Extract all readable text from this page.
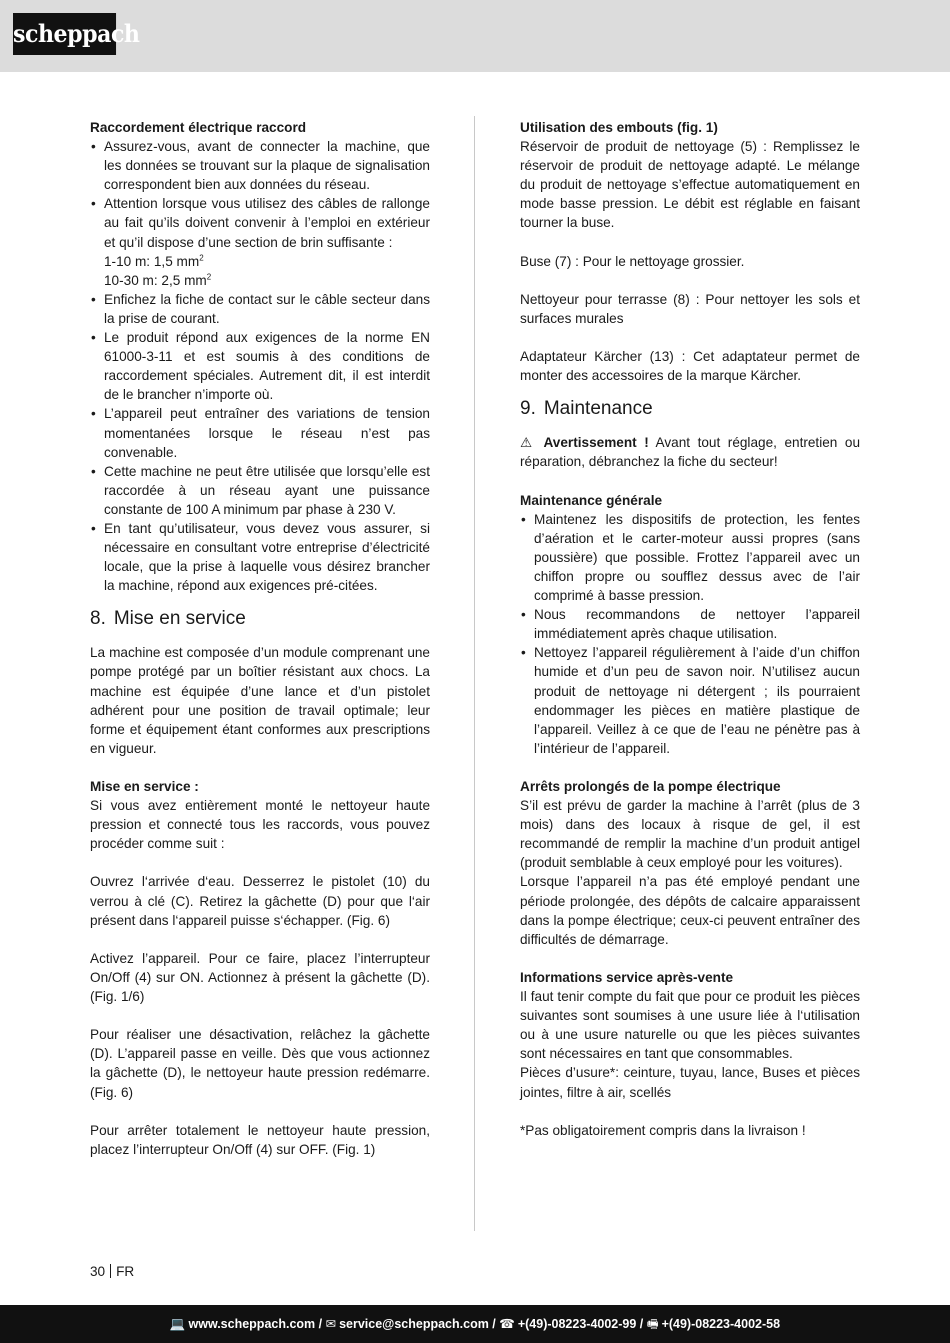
scheppach

Raccordement électrique raccord

• Assurez-vous, avant de connecter la machine, que les données se trouvant sur la plaque de signalisation correspondent bien aux données du réseau.
• Attention lorsque vous utilisez des câbles de rallonge au fait qu’ils doivent convenir à l’emploi en extérieur et qu’il dispose d’une section de brin suffisante :
1-10 m: 1,5 $mm^2$
10-30 m: 2,5 $mm^2$
• Enfichez la fiche de contact sur le câble secteur dans la prise de courant.
• Le produit répond aux exigences de la norme EN 61000-3-11 et est soumis à des conditions de raccordement spéciales. Autrement dit, il est interdit de le brancher n’importe où.
• L’appareil peut entraîner des variations de tension momentanées lorsque le réseau n’est pas convenable.
• Cette machine ne peut être utilisée que lorsqu’elle est raccordée à un réseau ayant une puissance constante de 100 A minimum par phase à 230 V.
• En tant qu’utilisateur, vous devez vous assurer, si nécessaire en consultant votre entreprise d’électricité locale, que la prise à laquelle vous désirez brancher la machine, répond aux exigences pré-citées.
8. Mise en service

La machine est composée d’un module comprenant une pompe protégé par un boîtier résistant aux chocs. La machine est équipée d’une lance et d’un pistolet adhérent pour une position de travail optimale; leur forme et équipement étant conformes aux prescriptions en vigueur.

Mise en service :

Si vous avez entièrement monté le nettoyeur haute pression et connecté tous les raccords, vous pouvez procéder comme suit :

Ouvrez l‘arrivée d‘eau. Desserrez le pistolet (10) du verrou à clé (C). Retirez la gâchette (D) pour que l‘air présent dans l‘appareil puisse s‘échapper. (Fig. 6)

Activez l’appareil. Pour ce faire, placez l’interrupteur On/Off (4) sur ON. Actionnez à présent la gâchette (D). (Fig. 1/6)

Pour réaliser une désactivation, relâchez la gâchette (D). L’appareil passe en veille. Dès que vous actionnez la gâchette (D), le nettoyeur haute pression redémarre. (Fig. 6)

Pour arrêter totalement le nettoyeur haute pression, placez l’interrupteur On/Off (4) sur OFF. (Fig. 1)

Utilisation des embouts (fig. 1)

Réservoir de produit de nettoyage (5) : Remplissez le réservoir de produit de nettoyage adapté. Le mélange du produit de nettoyage s’effectue automatiquement en mode basse pression. Le débit est réglable en faisant tourner la buse.

Buse (7) : Pour le nettoyage grossier.

Nettoyeur pour terrasse (8) : Pour nettoyer les sols et surfaces murales

Adaptateur Kärcher (13) : Cet adaptateur permet de monter des accessoires de la marque Kärcher.

9. Maintenance

⚠ Avertissement ! Avant tout réglage, entretien ou réparation, débranchez la fiche du secteur!

Maintenance générale

• Maintenez les dispositifs de protection, les fentes d’aération et le carter-moteur aussi propres (sans poussière) que possible. Frottez l’appareil avec un chiffon propre ou soufflez dessus avec de l’air comprimé à basse pression.
• Nous recommandons de nettoyer l’appareil immédiatement après chaque utilisation.
• Nettoyez l’appareil régulièrement à l’aide d’un chiffon humide et d’un peu de savon noir. N’utilisez aucun produit de nettoyage ni détergent ; ils pourraient endommager les pièces en matière plastique de l’appareil. Veillez à ce que de l’eau ne pénètre pas à l’intérieur de l’appareil.

Arrêts prolongés de la pompe électrique

S’il est prévu de garder la machine à l’arrêt (plus de 3 mois) dans des locaux à risque de gel, il est recommandé de remplir la machine d’un produit antigel (produit semblable à ceux employé pour les voitures).

Lorsque l’appareil n’a pas été employé pendant une période prolongée, des dépôts de calcaire apparaissent dans la pompe électrique; ceux-ci peuvent entraîner des difficultés de démarrage.

Informations service après-vente

Il faut tenir compte du fait que pour ce produit les pièces suivantes sont soumises à une usure liée à l‘utilisation ou à une usure naturelle ou que les pièces suivantes sont nécessaires en tant que consommables.

Pièces d’usure*: ceinture, tuyau, lance, Buses et pièces jointes, filtre à air, scellés

*Pas obligatoirement compris dans la livraison !

30 FR
💻 www.scheppach.com / ✉ service@scheppach.com / ☎ +(49)-08223-4002-99 / 🖷 +(49)-08223-4002-58
